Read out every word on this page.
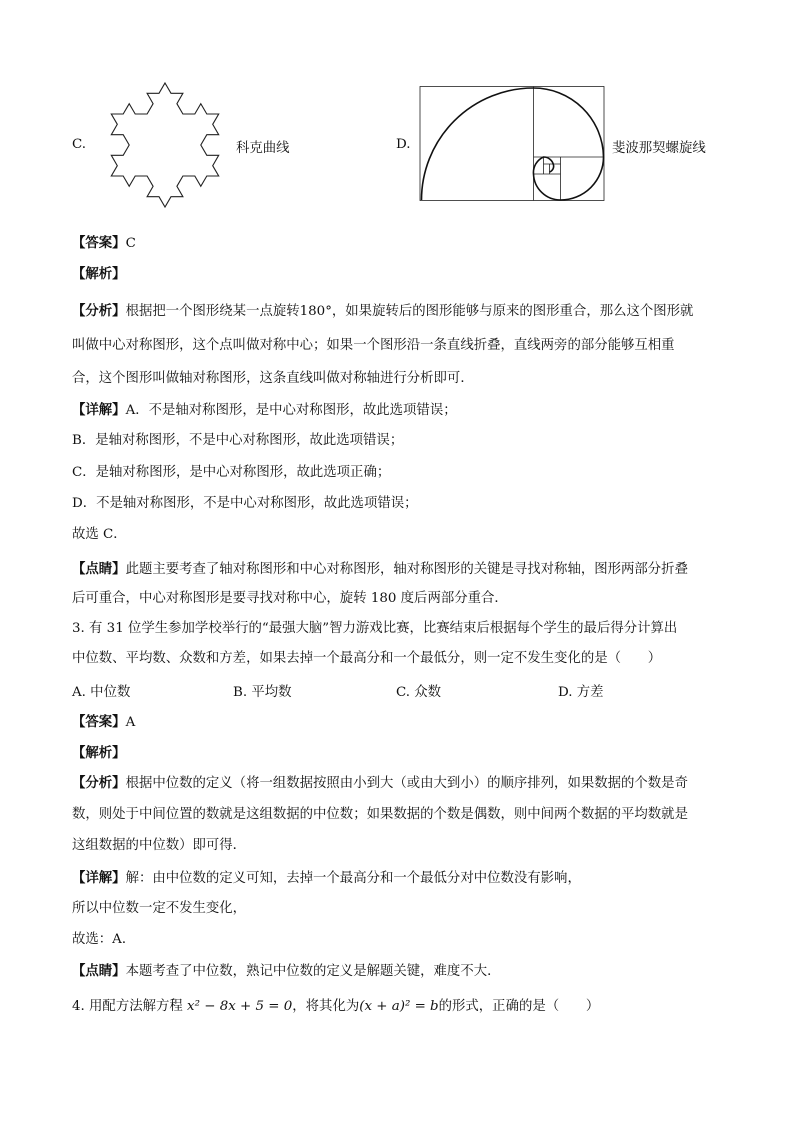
C.	科克曲线	D.	斐波那契螺旋线
【答案】C
【解析】
【分析】根据把一个图形绕某一点旋转180°，如果旋转后的图形能够与原来的图形重合，那么这个图形就
叫做中心对称图形，这个点叫做对称中心；如果一个图形沿一条直线折叠，直线两旁的部分能够互相重
合，这个图形叫做轴对称图形，这条直线叫做对称轴进行分析即可．
【详解】A．不是轴对称图形，是中心对称图形，故此选项错误；
B．是轴对称图形，不是中心对称图形，故此选项错误；
C．是轴对称图形，是中心对称图形，故此选项正确；
D．不是轴对称图形，不是中心对称图形，故此选项错误；
故选 C．
【点睛】此题主要考查了轴对称图形和中心对称图形，轴对称图形的关键是寻找对称轴，图形两部分折叠
后可重合，中心对称图形是要寻找对称中心，旋转 180 度后两部分重合．
3. 有 31 位学生参加学校举行的“最强大脑”智力游戏比赛，比赛结束后根据每个学生的最后得分计算出
中位数、平均数、众数和方差，如果去掉一个最高分和一个最低分，则一定不发生变化的是（　　）
A. 中位数	B. 平均数	C. 众数	D. 方差
【答案】A
【解析】
【分析】根据中位数的定义（将一组数据按照由小到大（或由大到小）的顺序排列，如果数据的个数是奇
数，则处于中间位置的数就是这组数据的中位数；如果数据的个数是偶数，则中间两个数据的平均数就是
这组数据的中位数）即可得．
【详解】解：由中位数的定义可知，去掉一个最高分和一个最低分对中位数没有影响，
所以中位数一定不发生变化，
故选：A．
【点睛】本题考查了中位数，熟记中位数的定义是解题关键，难度不大．
4. 用配方法解方程 x² − 8x + 5 = 0，将其化为(x + a)² = b的形式，正确的是（　　）
